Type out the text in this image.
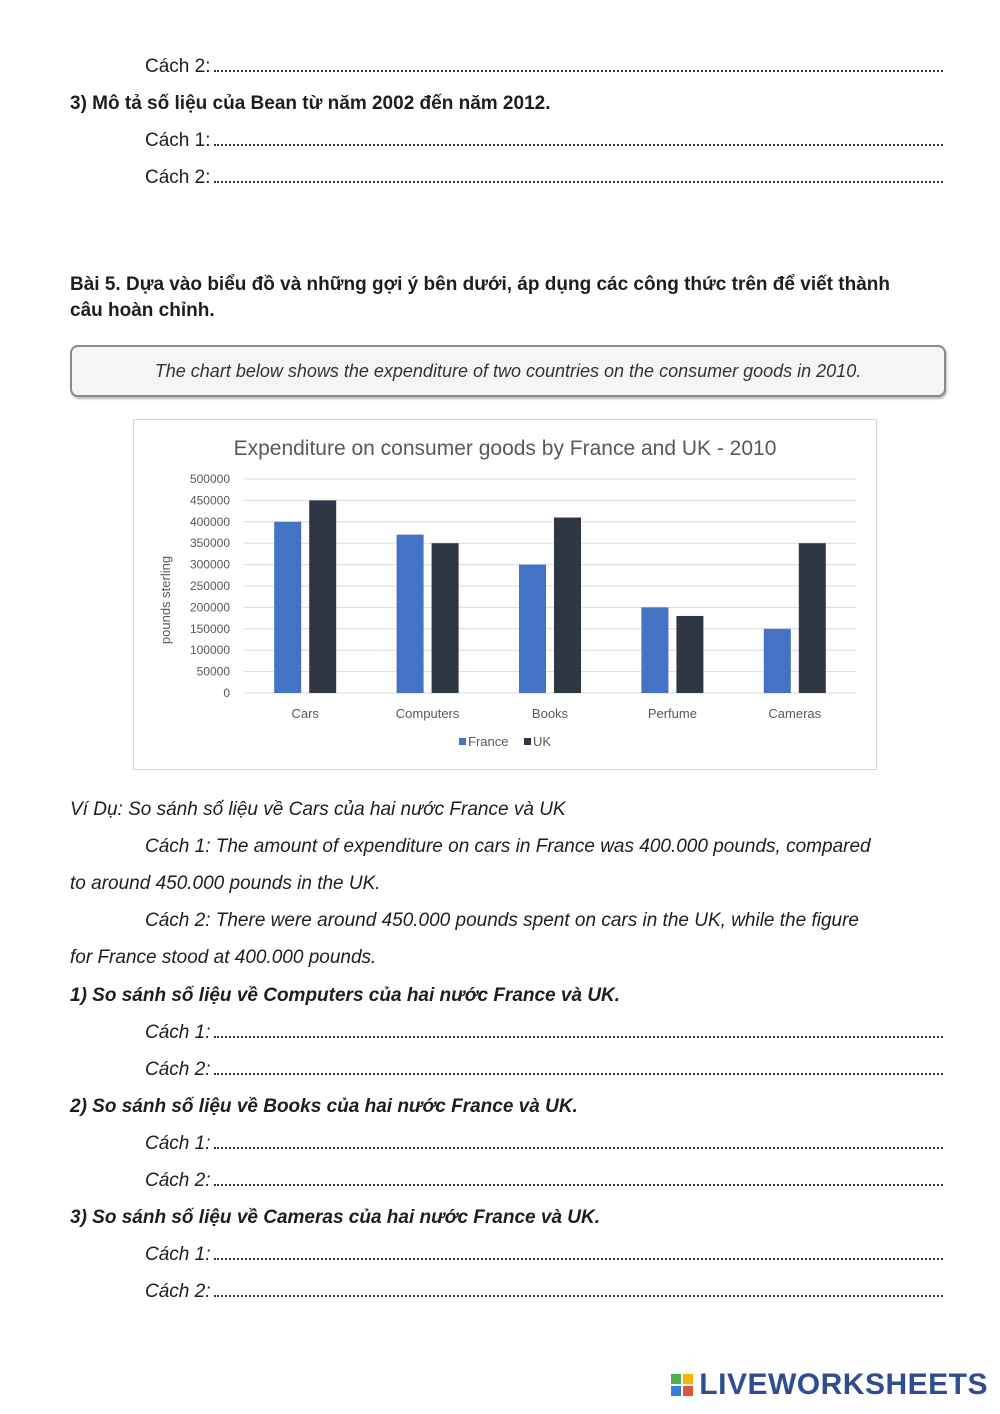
Cách 2:
3) Mô tả số liệu của Bean từ năm 2002 đến năm 2012.
Cách 1:
Cách 2:
Bài 5. Dựa vào biểu đồ và những gợi ý bên dưới, áp dụng các công thức trên để viết thành
câu hoàn chỉnh.
The chart below shows the expenditure of two countries on the consumer goods in 2010.
Expenditure on consumer goods by France and UK - 2010
pounds sterling
0
50000
100000
150000
200000
250000
300000
350000
400000
450000
500000
Cars	Computers	Books	Perfume	Cameras
France UK
Ví Dụ: So sánh số liệu về Cars của hai nước France và UK
Cách 1: The amount of expenditure on cars in France was 400.000 pounds, compared
to around 450.000 pounds in the UK.
Cách 2: There were around 450.000 pounds spent on cars in the UK, while the figure
for France stood at 400.000 pounds.
1) So sánh số liệu về Computers của hai nước France và UK.
Cách 1:
Cách 2:
2) So sánh số liệu về Books của hai nước France và UK.
Cách 1:
Cách 2:
3) So sánh số liệu về Cameras của hai nước France và UK.
Cách 1:
Cách 2:
LIVEWORKSHEETS
